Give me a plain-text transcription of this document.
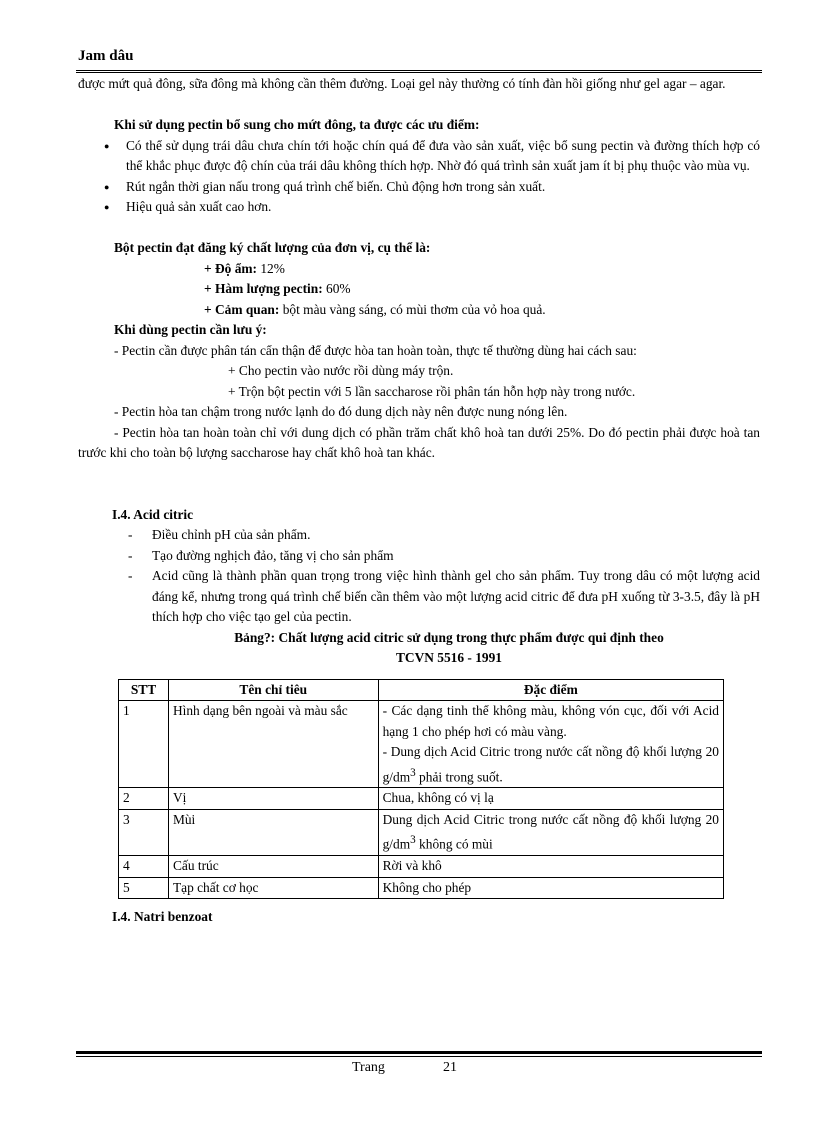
Jam dâu

được mứt quả đông, sữa đông mà không cần thêm đường. Loại gel này thường có tính đàn hồi giống như gel agar – agar.

Khi sử dụng pectin bổ sung cho mứt đông, ta được các ưu điểm:

● Có thể sử dụng trái dâu chưa chín tới hoặc chín quá để đưa vào sản xuất, việc bổ sung pectin và đường thích hợp có thể khắc phục được độ chín của trái dâu không thích hợp. Nhờ đó quá trình sản xuất jam ít bị phụ thuộc vào mùa vụ.
● Rút ngắn thời gian nấu trong quá trình chế biến. Chủ động hơn trong sản xuất.
● Hiệu quả sản xuất cao hơn.

Bột pectin đạt đăng ký chất lượng của đơn vị, cụ thể là:

+ Độ ẩm: 12%

+ Hàm lượng pectin: 60%

+ Cảm quan: bột màu vàng sáng, có mùi thơm của vỏ hoa quả.

Khi dùng pectin cần lưu ý:

- Pectin cần được phân tán cẩn thận để được hòa tan hoàn toàn, thực tế thường dùng hai cách sau:

+ Cho pectin vào nước rồi dùng máy trộn.

+ Trộn bột pectin với 5 lần saccharose rồi phân tán hỗn hợp này trong nước.

- Pectin hòa tan chậm trong nước lạnh do đó dung dịch này nên được nung nóng lên.

- Pectin hòa tan hoàn toàn chỉ với dung dịch có phần trăm chất khô hoà tan dưới 25%. Do đó pectin phải được hoà tan trước khi cho toàn bộ lượng saccharose hay chất khô hoà tan khác.

I.4. Acid citric

- Điều chỉnh pH của sản phẩm.
- Tạo đường nghịch đảo, tăng vị cho sản phẩm
- Acid cũng là thành phần quan trọng trong việc hình thành gel cho sản phẩm. Tuy trong dâu có một lượng acid đáng kể, nhưng trong quá trình chế biến cần thêm vào một lượng acid citric để đưa pH xuống từ 3-3.5, đây là pH thích hợp cho việc tạo gel của pectin.

Bảng?: Chất lượng acid citric sử dụng trong thực phẩm được qui định theo

TCVN 5516 - 1991

STT	Tên chỉ tiêu	Đặc điểm
1	Hình dạng bên ngoài và màu sắc	- Các dạng tinh thể không màu, không vón cục, đối với Acid hạng 1 cho phép hơi có màu vàng.
- Dung dịch Acid Citric trong nước cất nồng độ khối lượng 20 $g/dm^3$ phải trong suốt.
2	Vị	Chua, không có vị lạ
3	Mùi	Dung dịch Acid Citric trong nước cất nồng độ khối lượng 20 $g/dm^3$ không có mùi
4	Cấu trúc	Rời và khô
5	Tạp chất cơ học	Không cho phép

I.4. Natri benzoat

Trang	21
